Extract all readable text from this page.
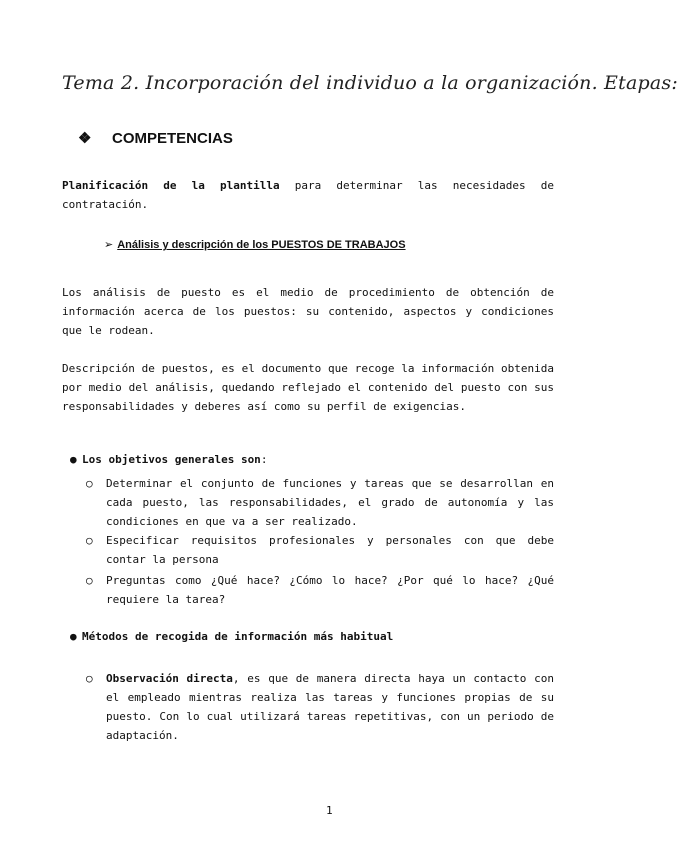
Tema 2. Incorporación del individuo a la organización. Etapas:
❖ COMPETENCIAS
Planificación de la plantilla para determinar las necesidades de contratación.
➢ Análisis y descripción de los PUESTOS DE TRABAJOS
Los análisis de puesto es el medio de procedimiento de obtención de información acerca de los puestos: su contenido, aspectos y condiciones que le rodean.
Descripción de puestos, es el documento que recoge la información obtenida por medio del análisis, quedando reflejado el contenido del puesto con sus responsabilidades y deberes así como su perfil de exigencias.
● Los objetivos generales son:
○ Determinar el conjunto de funciones y tareas que se desarrollan en cada puesto, las responsabilidades, el grado de autonomía y las condiciones en que va a ser realizado.
○ Especificar requisitos profesionales y personales con que debe contar la persona
○ Preguntas como ¿Qué hace? ¿Cómo lo hace? ¿Por qué lo hace? ¿Qué requiere la tarea?
● Métodos de recogida de información más habitual
○ Observación directa, es que de manera directa haya un contacto con el empleado mientras realiza las tareas y funciones propias de su puesto. Con lo cual utilizará tareas repetitivas, con un periodo de adaptación.
1
